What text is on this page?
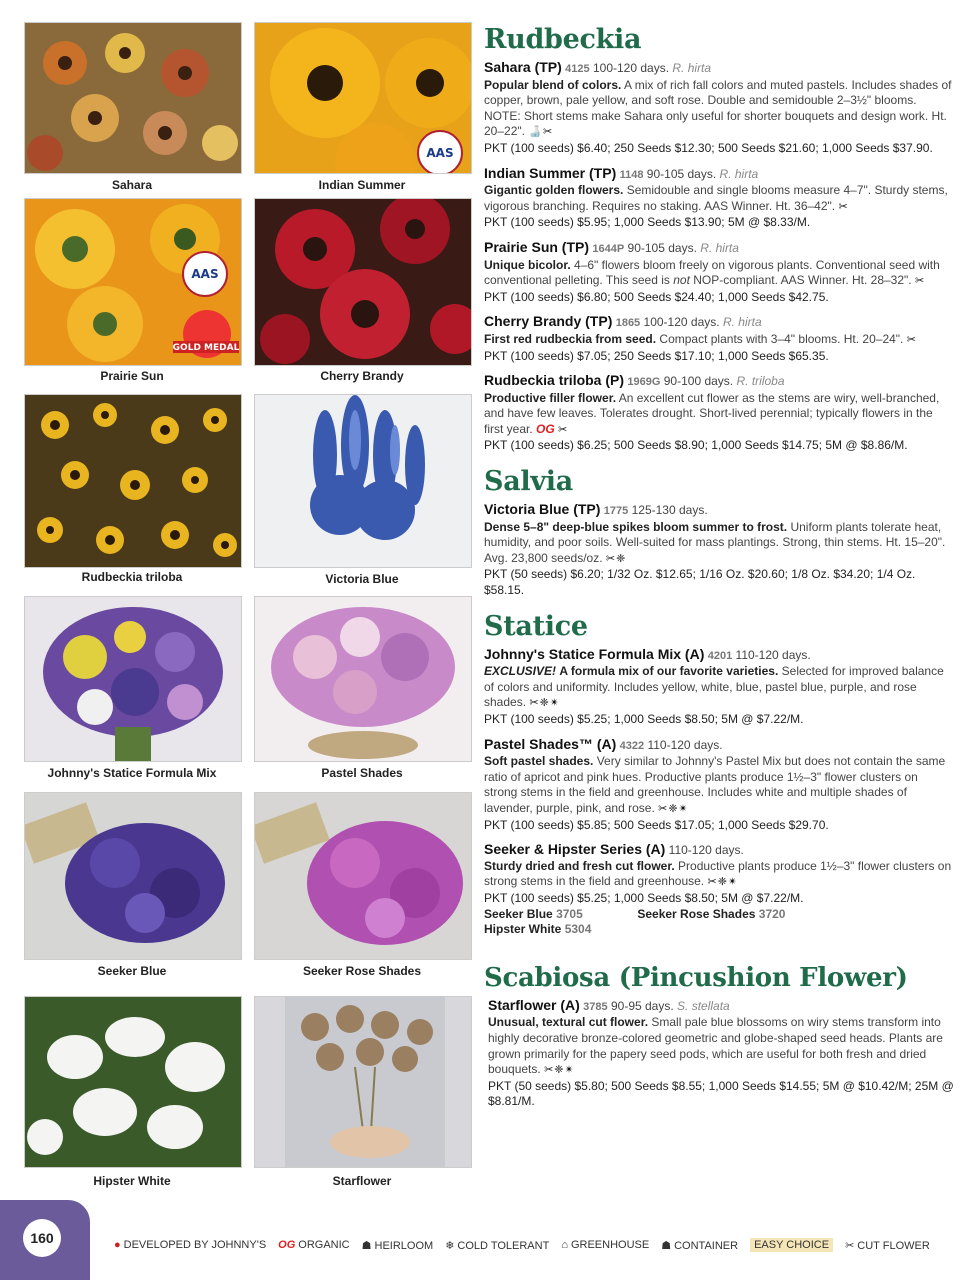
Sahara
AAS
Indian Summer
AAS
GOLD MEDAL
Prairie Sun	Cherry Brandy
Rudbeckia triloba	Victoria Blue
Johnny's Statice Formula Mix	Pastel Shades
Seeker Blue	Seeker Rose Shades
Hipster White	Starflower
Rudbeckia
Sahara (TP) 4125 100-120 days. R. hirta
Popular blend of colors. A mix of rich fall colors and muted pastels. Includes shades of copper, brown, pale yellow, and soft rose. Double and semidouble 2–3½" blooms. NOTE: Short stems make Sahara only useful for shorter bouquets and design work. Ht. 20–22". 🍶✂
PKT (100 seeds) $6.40; 250 Seeds $12.30; 500 Seeds $21.60; 1,000 Seeds $37.90.
Indian Summer (TP) 1148 90-105 days. R. hirta
Gigantic golden flowers. Semidouble and single blooms measure 4–7". Sturdy stems, vigorous branching. Requires no staking. AAS Winner. Ht. 36–42". ✂
PKT (100 seeds) $5.95; 1,000 Seeds $13.90; 5M @ $8.33/M.
Prairie Sun (TP) 1644P 90-105 days. R. hirta
Unique bicolor. 4–6" flowers bloom freely on vigorous plants. Conventional seed with conventional pelleting. This seed is not NOP-compliant. AAS Winner. Ht. 28–32". ✂
PKT (100 seeds) $6.80; 500 Seeds $24.40; 1,000 Seeds $42.75.
Cherry Brandy (TP) 1865 100-120 days. R. hirta
First red rudbeckia from seed. Compact plants with 3–4" blooms. Ht. 20–24". ✂
PKT (100 seeds) $7.05; 250 Seeds $17.10; 1,000 Seeds $65.35.
Rudbeckia triloba (P) 1969G 90-100 days. R. triloba
Productive filler flower. An excellent cut flower as the stems are wiry, well-branched, and have few leaves. Tolerates drought. Short-lived perennial; typically flowers in the first year. OG ✂
PKT (100 seeds) $6.25; 500 Seeds $8.90; 1,000 Seeds $14.75; 5M @ $8.86/M.
Salvia
Victoria Blue (TP) 1775 125-130 days.
Dense 5–8" deep-blue spikes bloom summer to frost. Uniform plants tolerate heat, humidity, and poor soils. Well-suited for mass plantings. Strong, thin stems. Ht. 15–20". Avg. 23,800 seeds/oz. ✂❈
PKT (50 seeds) $6.20; 1/32 Oz. $12.65; 1/16 Oz. $20.60; 1/8 Oz. $34.20; 1/4 Oz. $58.15.
Statice
Johnny's Statice Formula Mix (A) 4201 110-120 days.
EXCLUSIVE! A formula mix of our favorite varieties. Selected for improved balance of colors and uniformity. Includes yellow, white, blue, pastel blue, purple, and rose shades. ✂❈✴
PKT (100 seeds) $5.25; 1,000 Seeds $8.50; 5M @ $7.22/M.
Pastel Shades™ (A) 4322 110-120 days.
Soft pastel shades. Very similar to Johnny's Pastel Mix but does not contain the same ratio of apricot and pink hues. Productive plants produce 1½–3" flower clusters on strong stems in the field and greenhouse. Includes white and multiple shades of lavender, purple, pink, and rose. ✂❈✴
PKT (100 seeds) $5.85; 500 Seeds $17.05; 1,000 Seeds $29.70.
Seeker & Hipster Series (A) 110-120 days.
Sturdy dried and fresh cut flower. Productive plants produce 1½–3" flower clusters on strong stems in the field and greenhouse. ✂❈✴
PKT (100 seeds) $5.25; 1,000 Seeds $8.50; 5M @ $7.22/M.
Seeker Blue 3705	Seeker Rose Shades 3720
Hipster White 5304
Scabiosa (Pincushion Flower)
Starflower (A) 3785 90-95 days. S. stellata
Unusual, textural cut flower. Small pale blue blossoms on wiry stems transform into highly decorative bronze-colored geometric and globe-shaped seed heads. Plants are grown primarily for the papery seed pods, which are useful for both fresh and dried bouquets. ✂❈✴
PKT (50 seeds) $5.80; 500 Seeds $8.55; 1,000 Seeds $14.55; 5M @ $10.42/M; 25M @ $8.81/M.
160	● DEVELOPED BY JOHNNY'S OG ORGANIC ☗ HEIRLOOM ❄ COLD TOLERANT ⌂ GREENHOUSE ☗ CONTAINER	EASY CHOICE	✂ CUT FLOWER
